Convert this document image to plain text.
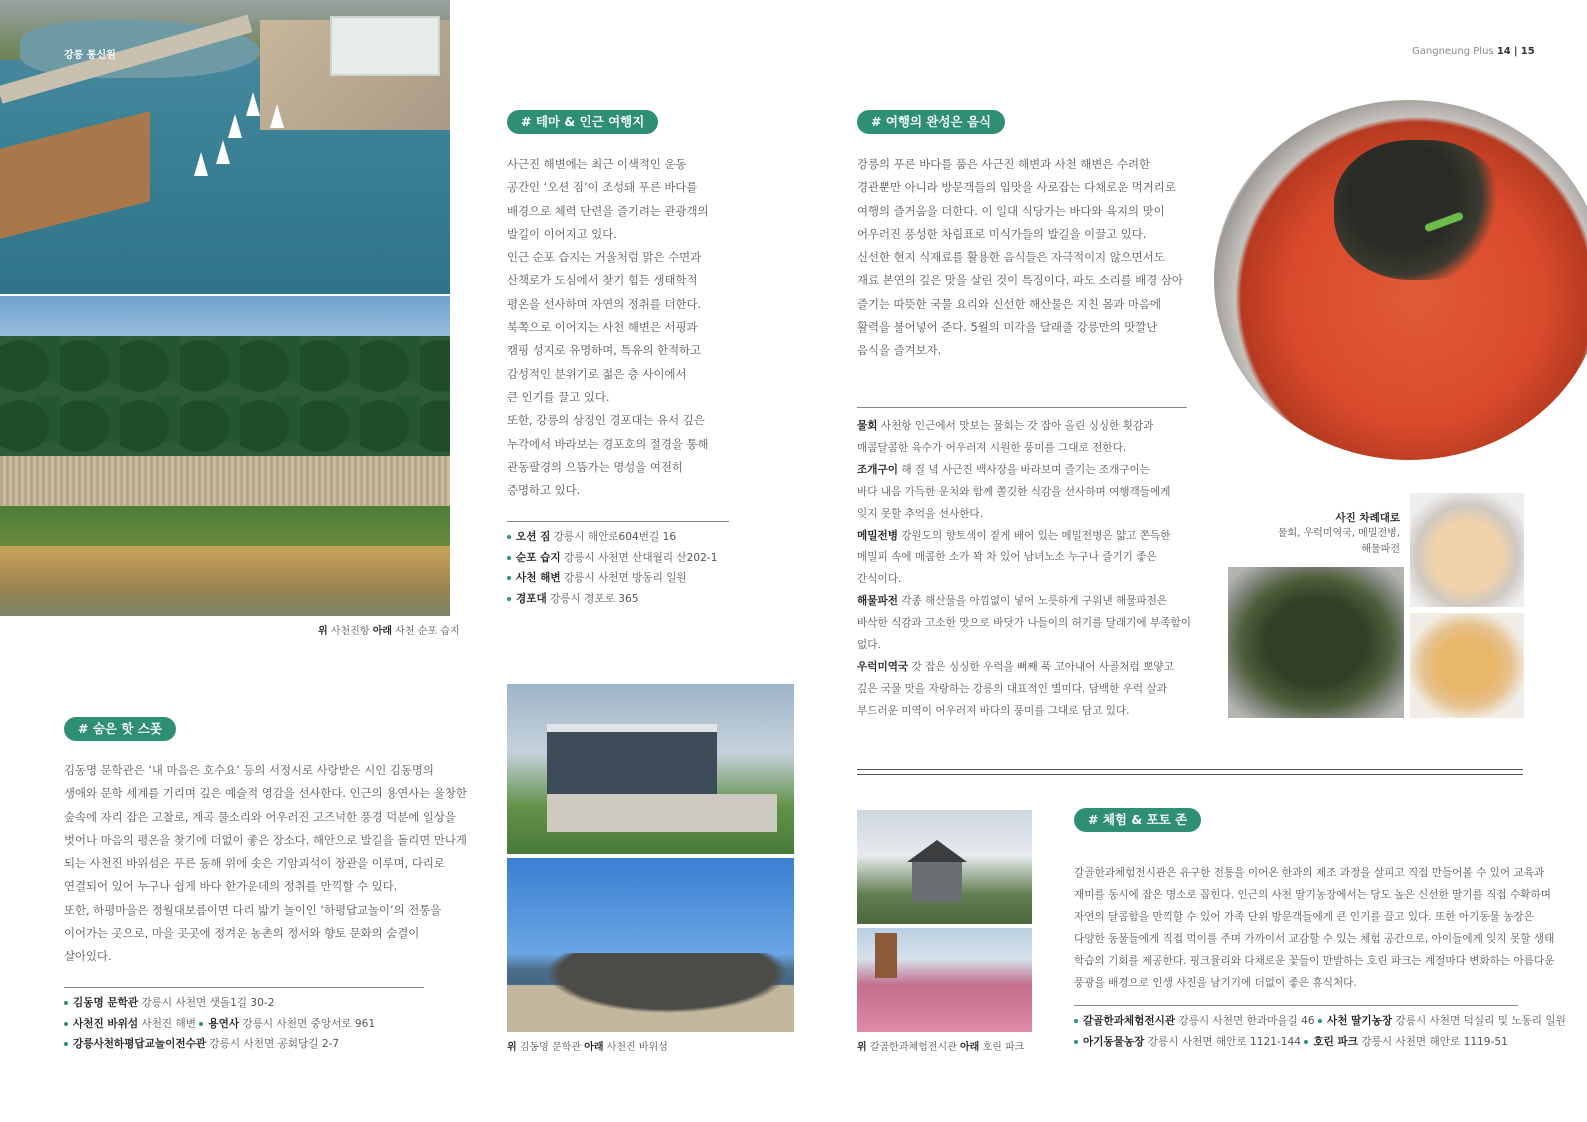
강릉 통신원
위 사천진항 아래 사천 순포 습지
Gangneung Plus 14 | 15
# 테마 & 인근 여행지

사근진 해변에는 최근 이색적인 운동

공간인 ‘오션 짐’이 조성돼 푸른 바다를

배경으로 체력 단련을 즐기려는 관광객의

발길이 이어지고 있다.

인근 순포 습지는 거울처럼 맑은 수면과

산책로가 도심에서 찾기 힘든 생태학적

평온을 선사하며 자연의 정취를 더한다.

북쪽으로 이어지는 사천 해변은 서핑과

캠핑 성지로 유명하며, 특유의 한적하고

감성적인 분위기로 젊은 층 사이에서

큰 인기를 끌고 있다.

또한, 강릉의 상징인 경포대는 유서 깊은

누각에서 바라보는 경포호의 절경을 통해

관동팔경의 으뜸가는 명성을 여전히

증명하고 있다.

오션 짐 강릉시 해안로604번길 16
순포 습지 강릉시 사천면 산대월리 산202-1
사천 해변 강릉시 사천면 방동리 일원
경포대 강릉시 경포로 365
# 여행의 완성은 음식

강릉의 푸른 바다를 품은 사근진 해변과 사천 해변은 수려한

경관뿐만 아니라 방문객들의 입맛을 사로잡는 다채로운 먹거리로

여행의 즐거움을 더한다. 이 일대 식당가는 바다와 육지의 맛이

어우러진 풍성한 차림표로 미식가들의 발길을 이끌고 있다.

신선한 현지 식재료를 활용한 음식들은 자극적이지 않으면서도

재료 본연의 깊은 맛을 살린 것이 특징이다. 파도 소리를 배경 삼아

즐기는 따뜻한 국물 요리와 신선한 해산물은 지친 몸과 마음에

활력을 불어넣어 준다. 5월의 미각을 달래줄 강릉만의 맛깔난

음식을 즐겨보자.

물회 사천항 인근에서 맛보는 물회는 갓 잡아 올린 싱싱한 횟감과

매콤달콤한 육수가 어우러져 시원한 풍미를 그대로 전한다.

조개구이 해 질 녘 사근진 백사장을 바라보며 즐기는 조개구이는

바다 내음 가득한 운치와 함께 쫄깃한 식감을 선사하며 여행객들에게

잊지 못할 추억을 선사한다.

메밀전병 강원도의 향토색이 짙게 배어 있는 메밀전병은 얇고 쫀득한

메밀피 속에 매콤한 소가 꽉 차 있어 남녀노소 누구나 즐기기 좋은

간식이다.

해물파전 각종 해산물을 아낌없이 넣어 노릇하게 구워낸 해물파전은

바삭한 식감과 고소한 맛으로 바닷가 나들이의 허기를 달래기에 부족함이

없다.

우럭미역국 갓 잡은 싱싱한 우럭을 뼈째 푹 고아내어 사골처럼 뽀얗고

깊은 국물 맛을 자랑하는 강릉의 대표적인 별미다. 담백한 우럭 살과

부드러운 미역이 어우러져 바다의 풍미를 그대로 담고 있다.

사진 차례대로
물회, 우럭미역국, 메밀전병,
해물파전
# 숨은 핫 스폿

김동명 문학관은 ‘내 마음은 호수요’ 등의 서정시로 사랑받은 시인 김동명의

생애와 문학 세계를 기리며 깊은 예술적 영감을 선사한다. 인근의 용연사는 울창한

숲속에 자리 잡은 고찰로, 계곡 물소리와 어우러진 고즈넉한 풍경 덕분에 일상을

벗어나 마음의 평온을 찾기에 더없이 좋은 장소다. 해안으로 발길을 돌리면 만나게

되는 사천진 바위섬은 푸른 동해 위에 솟은 기암괴석이 장관을 이루며, 다리로

연결되어 있어 누구나 쉽게 바다 한가운데의 정취를 만끽할 수 있다.

또한, 하평마을은 정월대보름이면 다리 밟기 놀이인 ‘하평답교놀이’의 전통을

이어가는 곳으로, 마을 곳곳에 정겨운 농촌의 정서와 향토 문화의 숨결이

살아있다.

김동명 문학관 강릉시 사천면 샛돌1길 30-2
사천진 바위섬 사천진 해변 용연사 강릉시 사천면 중앙서로 961
강릉사천하평답교놀이전수관 강릉시 사천면 공회당길 2-7	위 김동명 문학관 아래 사천진 바위섬	위 갈골한과체험전시관 아래 호린 파크
# 체험 & 포토 존

갈골한과체험전시관은 유구한 전통을 이어온 한과의 제조 과정을 살피고 직접 만들어볼 수 있어 교육과

재미를 동시에 잡은 명소로 꼽힌다. 인근의 사천 딸기농장에서는 당도 높은 신선한 딸기를 직접 수확하며

자연의 달콤함을 만끽할 수 있어 가족 단위 방문객들에게 큰 인기를 끌고 있다. 또한 아기동물 농장은

다양한 동물들에게 직접 먹이를 주며 가까이서 교감할 수 있는 체험 공간으로, 아이들에게 잊지 못할 생태

학습의 기회를 제공한다. 핑크뮬리와 다채로운 꽃들이 만발하는 호린 파크는 계절마다 변화하는 아름다운

풍광을 배경으로 인생 사진을 남기기에 더없이 좋은 휴식처다.

갈골한과체험전시관 강릉시 사천면 한과마을길 46 사천 딸기농장 강릉시 사천면 덕실리 및 노동리 일원
아기동물농장 강릉시 사천면 해안로 1121-144 호린 파크 강릉시 사천면 해안로 1119-51
